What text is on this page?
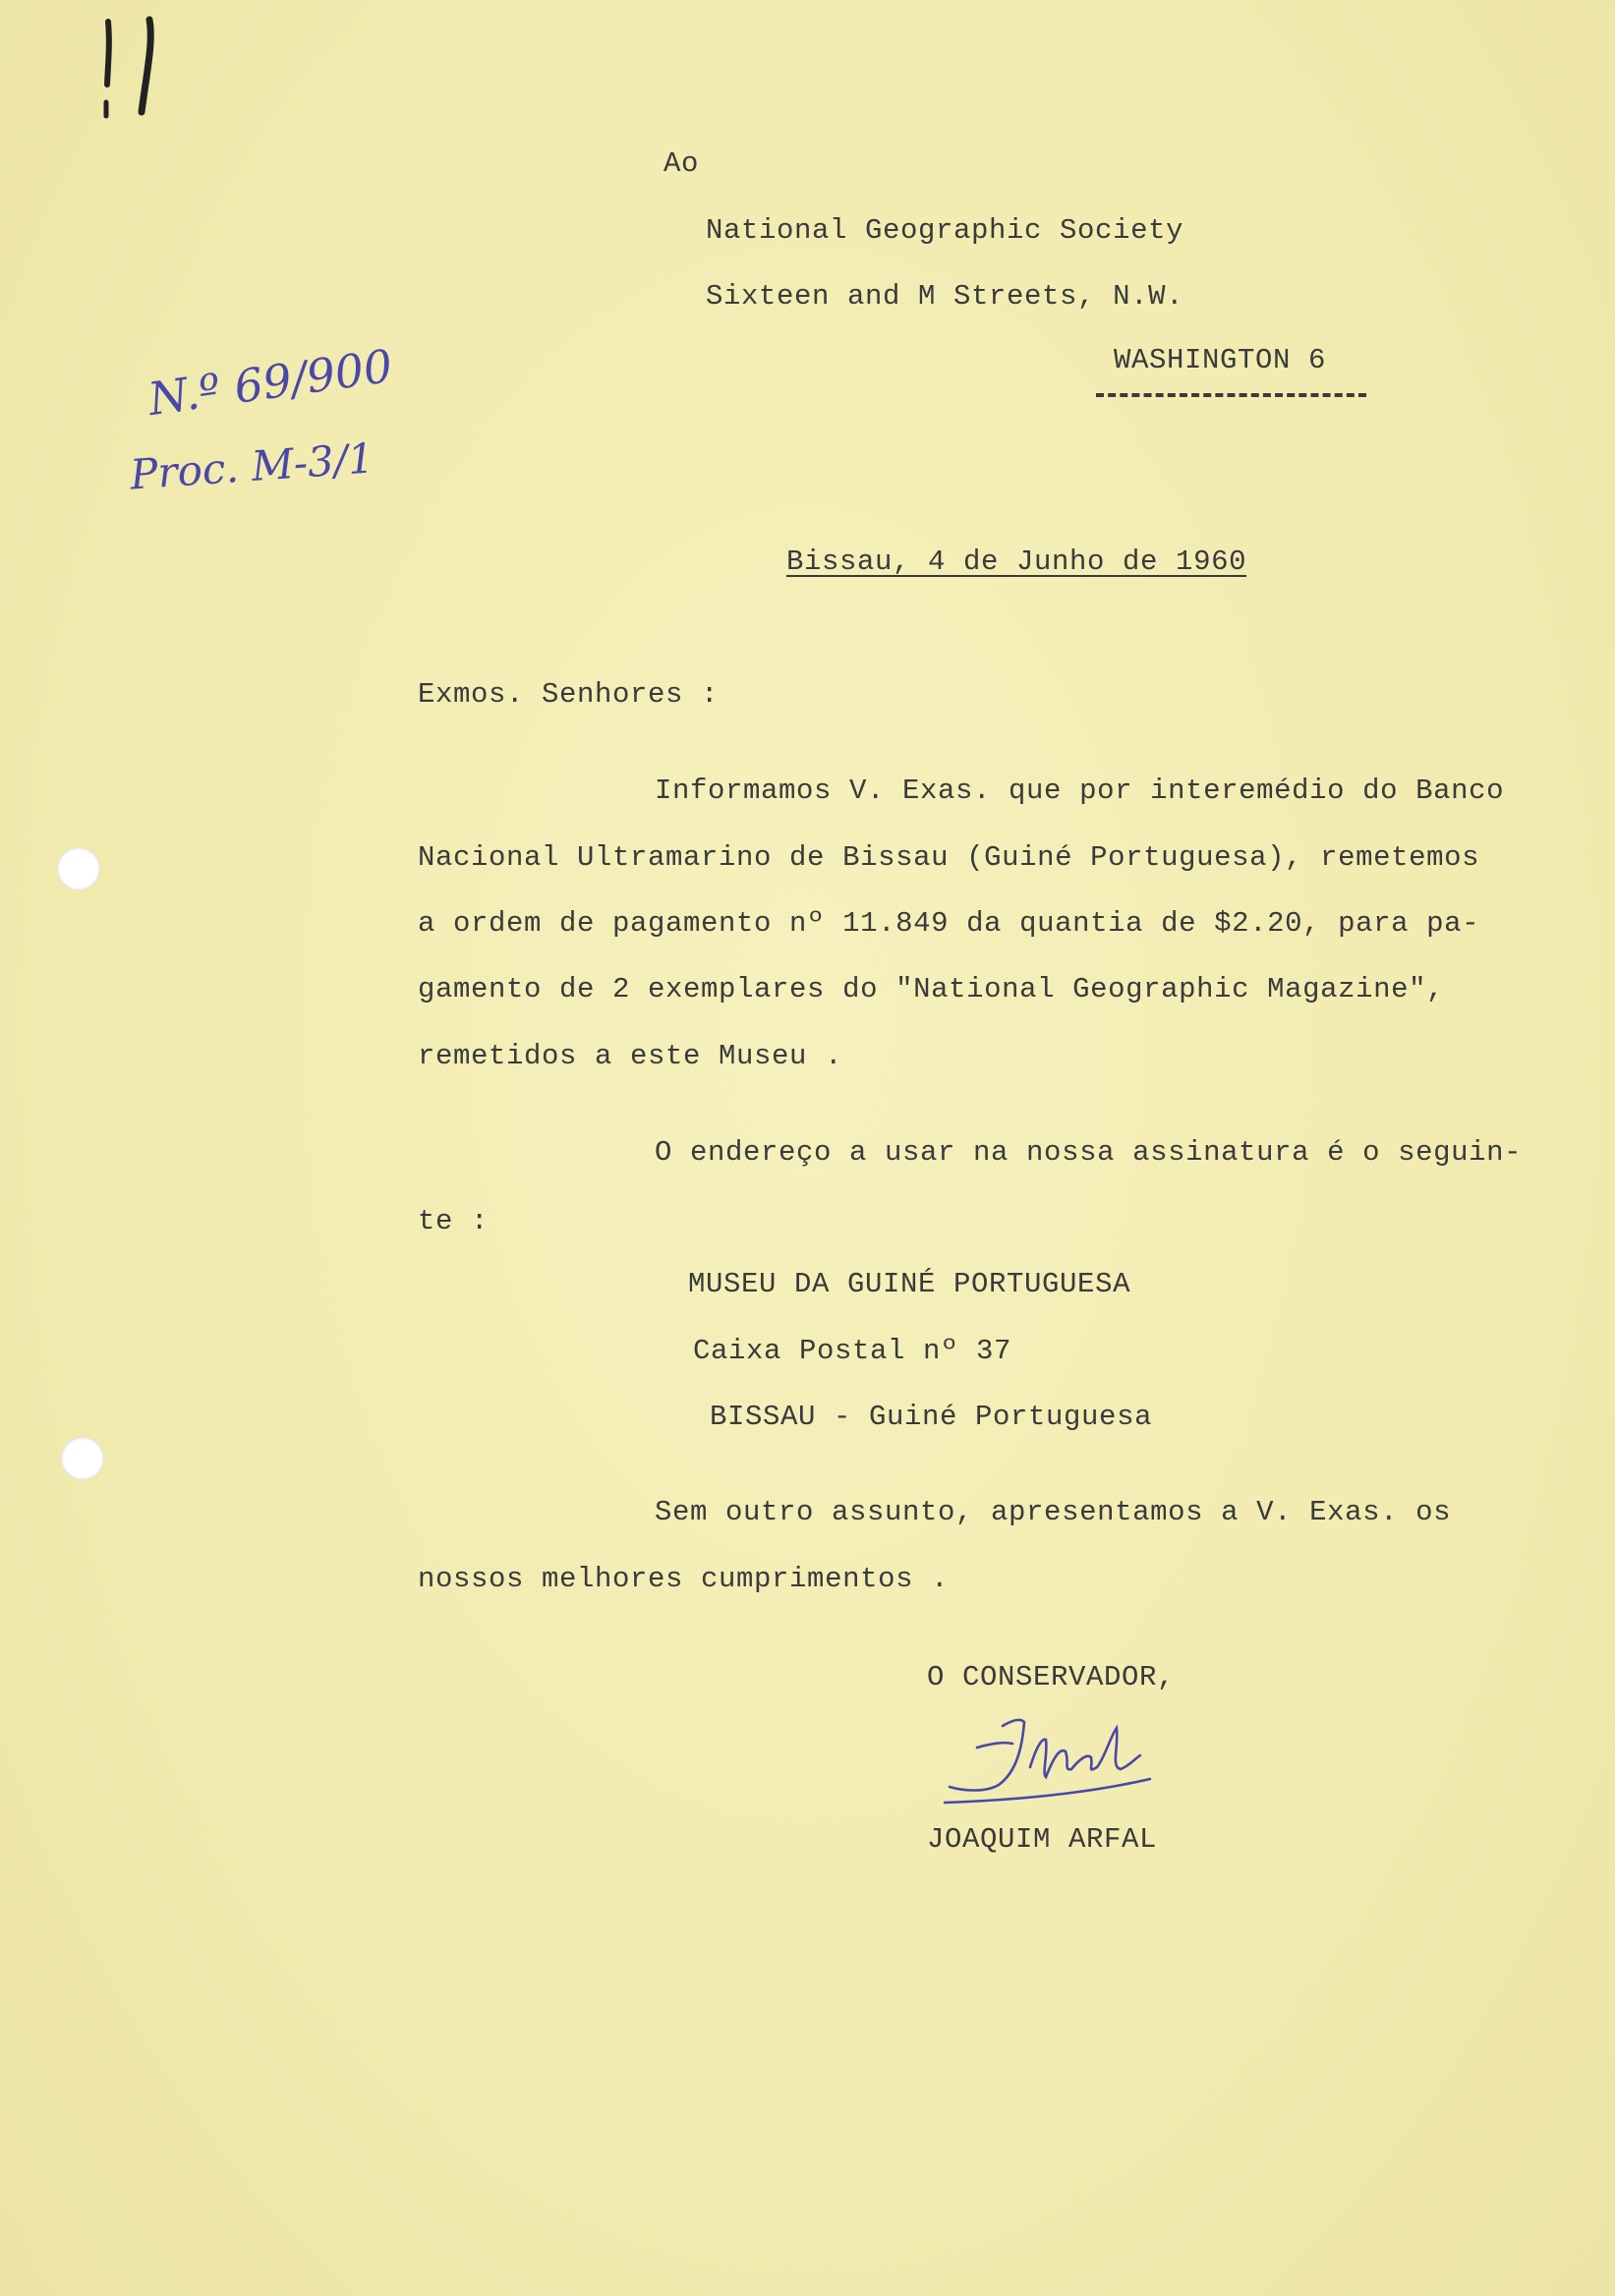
N.º 69/900
Proc. M-3/1
Ao
National Geographic Society
Sixteen and M Streets, N.W.
WASHINGTON 6
Bissau, 4 de Junho de 1960
Exmos. Senhores :
Informamos V. Exas. que por interemédio do Banco
Nacional Ultramarino de Bissau (Guiné Portuguesa), remetemos
a ordem de pagamento nº 11.849 da quantia de $2.20, para pa-
gamento de 2 exemplares do "National Geographic Magazine",
remetidos a este Museu .
O endereço a usar na nossa assinatura é o seguin-
te :
MUSEU DA GUINÉ PORTUGUESA
Caixa Postal nº 37
BISSAU - Guiné Portuguesa
Sem outro assunto, apresentamos a V. Exas. os
nossos melhores cumprimentos .
O CONSERVADOR,
JOAQUIM ARFAL
